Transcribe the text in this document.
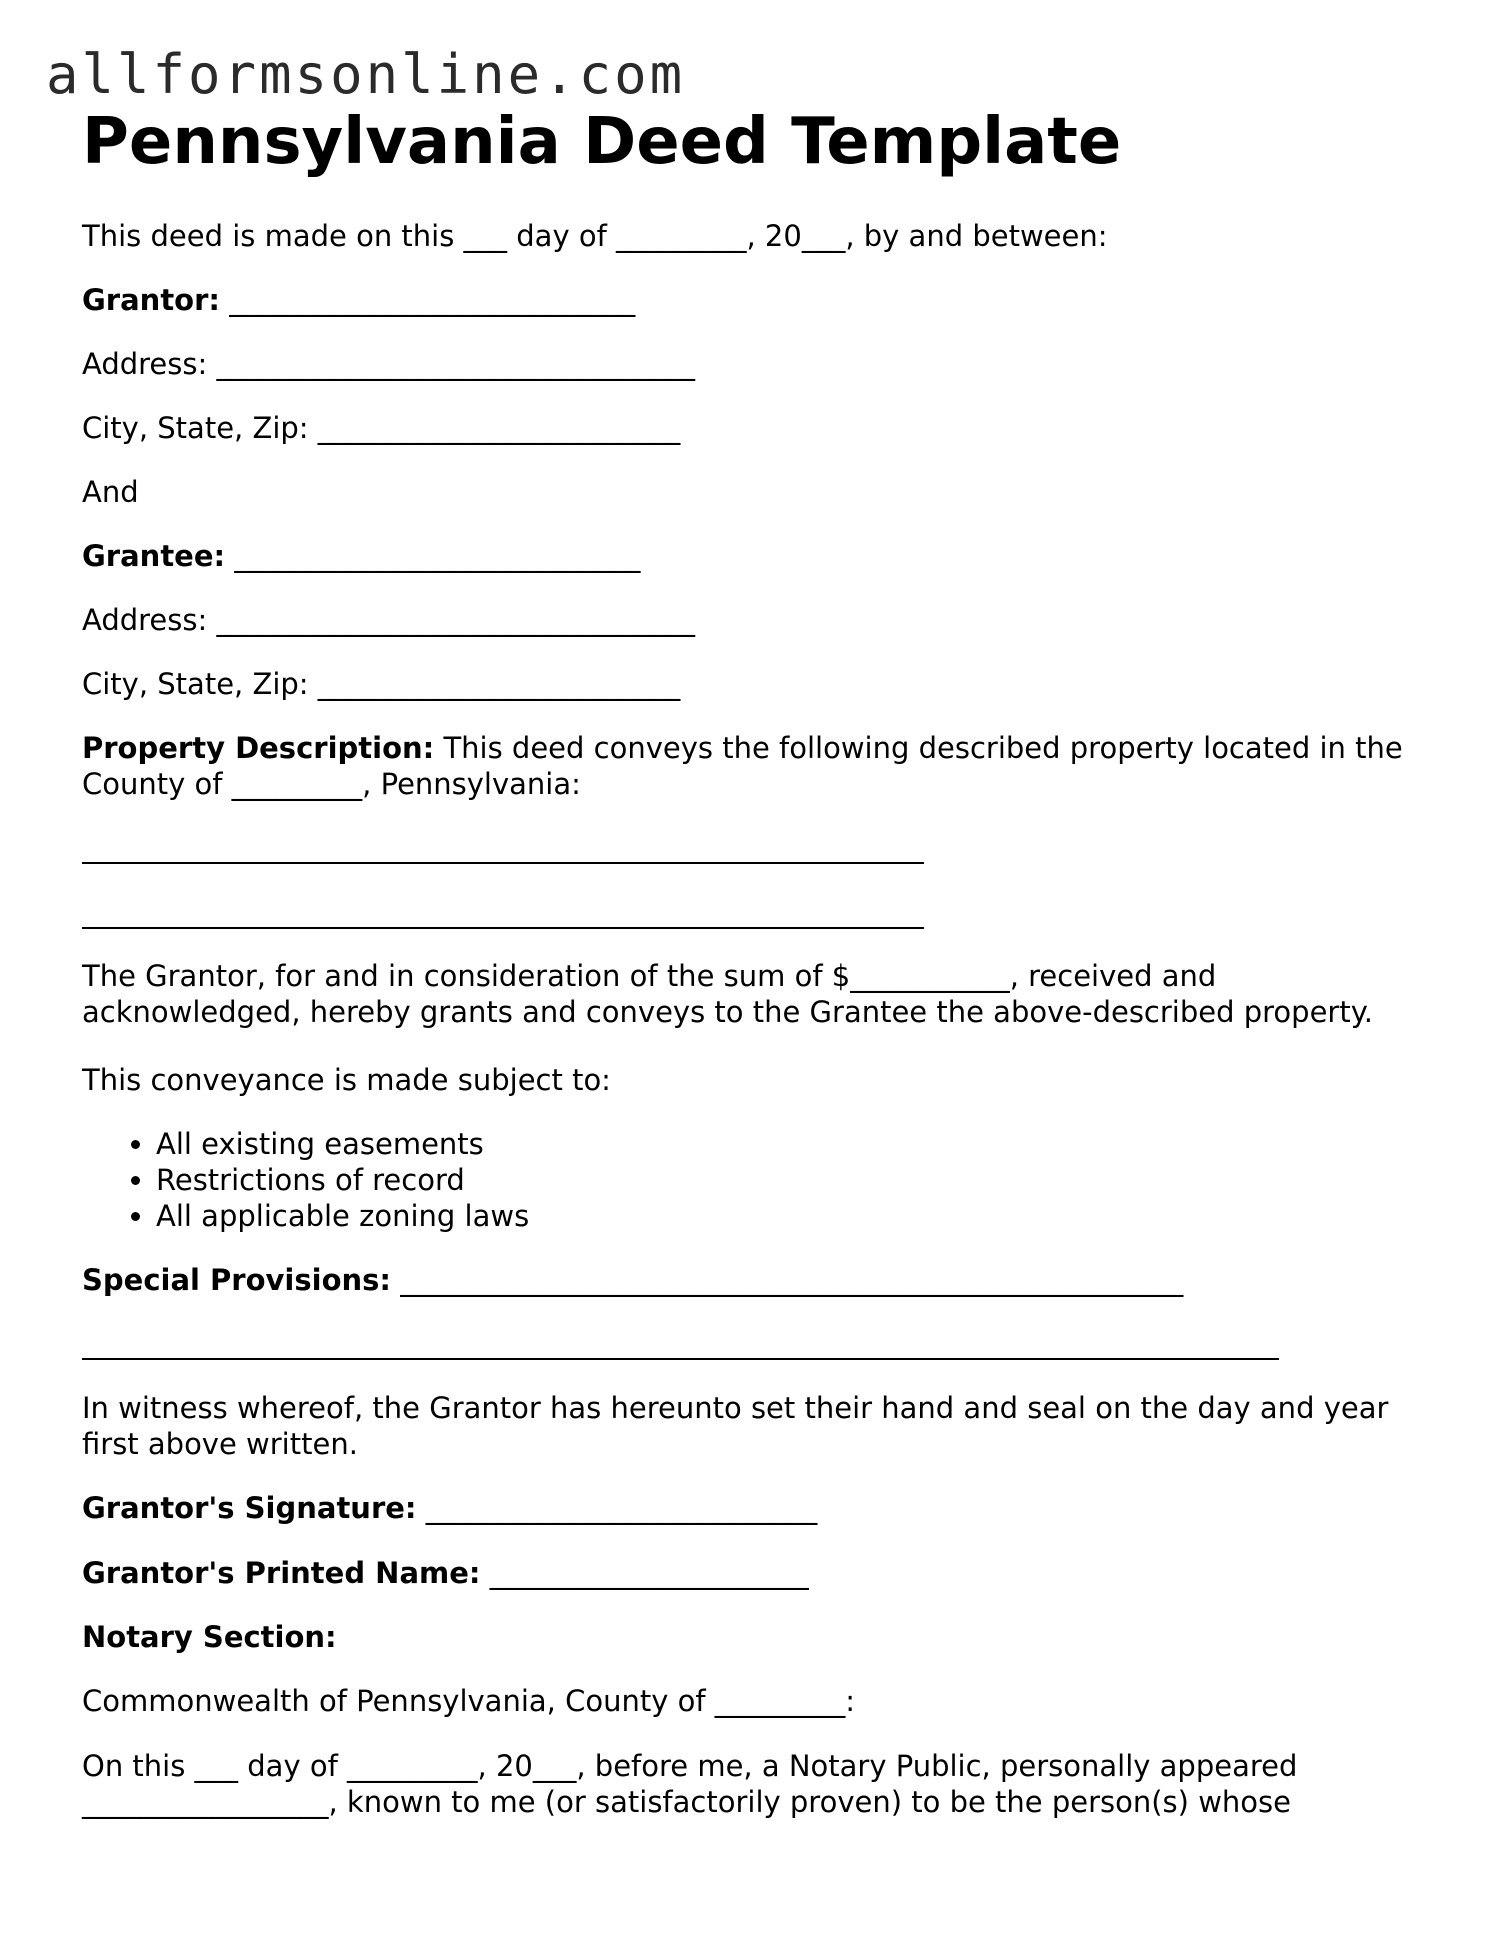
allformsonline.com
Pennsylvania Deed Template

This deed is made on this ___ day of _________, 20___, by and between:

Grantor: ____________________________

Address: _________________________________

City, State, Zip: _________________________

And

Grantee: ____________________________

Address: _________________________________

City, State, Zip: _________________________

Property Description: This deed conveys the following described property located in the
County of _________, Pennsylvania:

The Grantor, for and in consideration of the sum of $___________, received and
acknowledged, hereby grants and conveys to the Grantee the above-described property.

This conveyance is made subject to:

• All existing easements
• Restrictions of record
• All applicable zoning laws

Special Provisions: ______________________________________________________

In witness whereof, the Grantor has hereunto set their hand and seal on the day and year
first above written.

Grantor's Signature: ___________________________

Grantor's Printed Name: ______________________

Notary Section:

Commonwealth of Pennsylvania, County of _________:

On this ___ day of _________, 20___, before me, a Notary Public, personally appeared
_________________, known to me (or satisfactorily proven) to be the person(s) whose
